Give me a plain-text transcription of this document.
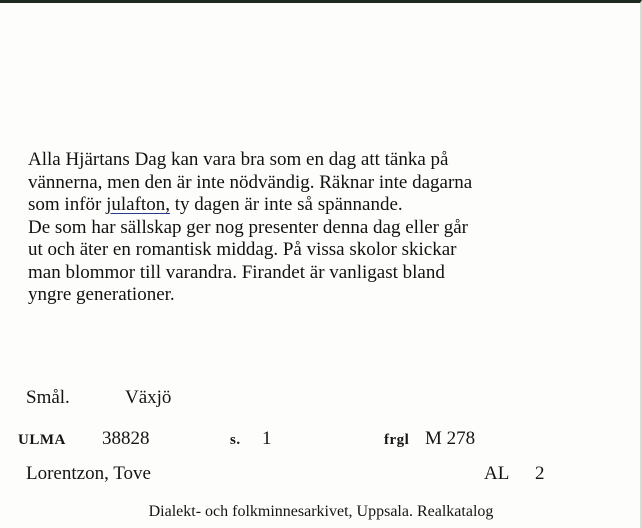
Alla Hjärtans Dag kan vara bra som en dag att tänka på
vännerna, men den är inte nödvändig. Räknar inte dagarna
som inför julafton, ty dagen är inte så spännande.
De som har sällskap ger nog presenter denna dag eller går
ut och äter en romantisk middag. På vissa skolor skickar
man blommor till varandra. Firandet är vanligast bland
yngre generationer.
Smål.	Växjö
ULMA 38828	s. 1	frgl M 278
Lorentzon, Tove	AL 2
Dialekt- och folkminnesarkivet, Uppsala. Realkatalog
